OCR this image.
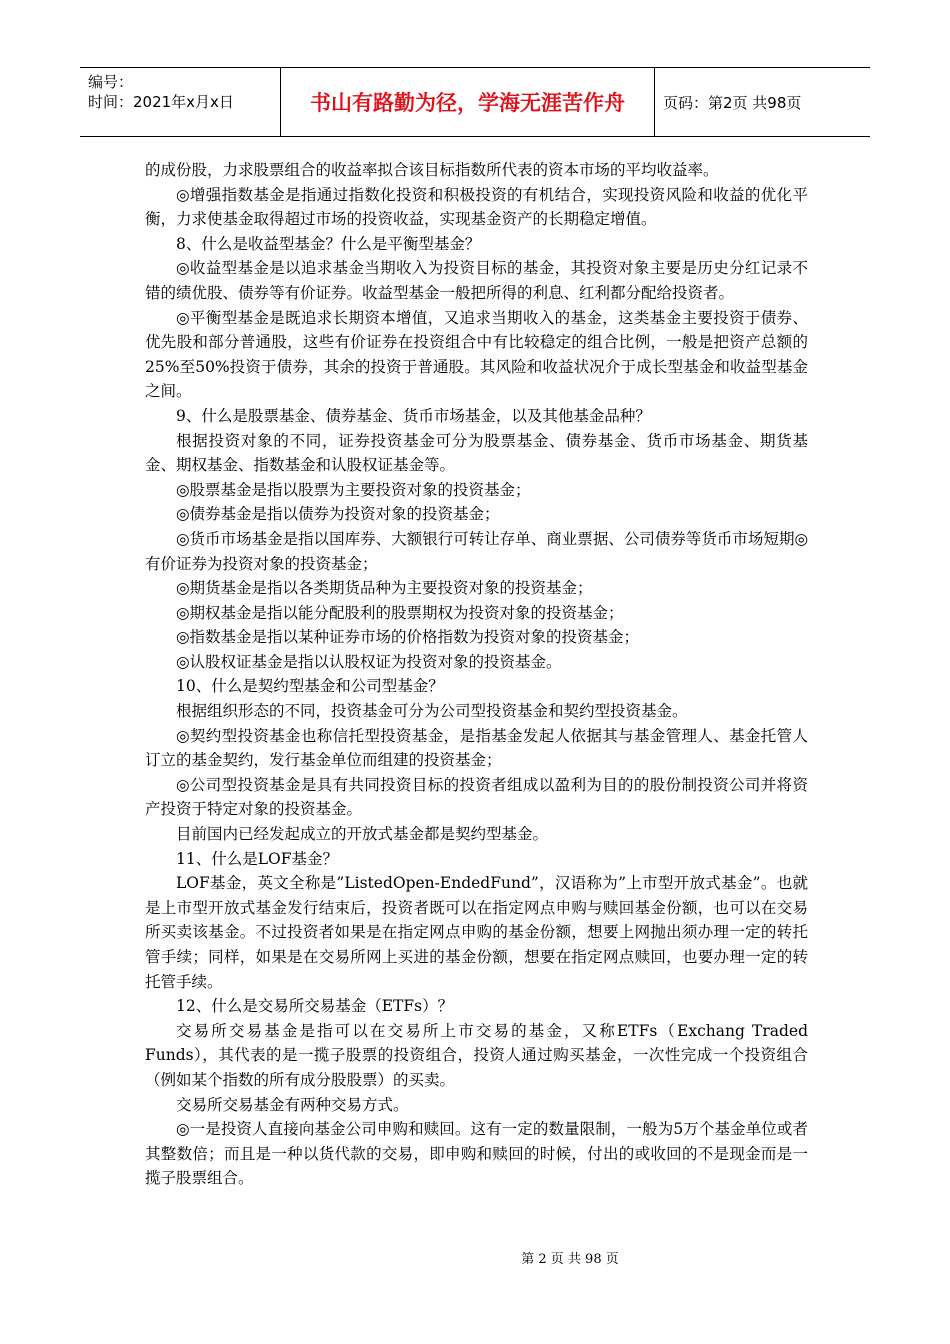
编号：
时间：2021年x月x日	书山有路勤为径，学海无涯苦作舟	页码：第2页 共98页

的成份股，力求股票组合的收益率拟合该目标指数所代表的资本市场的平均收益率。

◎增强指数基金是指通过指数化投资和积极投资的有机结合，实现投资风险和收益的优化平衡，力求使基金取得超过市场的投资收益，实现基金资产的长期稳定增值。

8、什么是收益型基金？什么是平衡型基金？

◎收益型基金是以追求基金当期收入为投资目标的基金，其投资对象主要是历史分红记录不错的绩优股、债券等有价证券。收益型基金一般把所得的利息、红利都分配给投资者。

◎平衡型基金是既追求长期资本增值，又追求当期收入的基金，这类基金主要投资于债券、优先股和部分普通股，这些有价证券在投资组合中有比较稳定的组合比例，一般是把资产总额的25%至50%投资于债券，其余的投资于普通股。其风险和收益状况介于成长型基金和收益型基金之间。

9、什么是股票基金、债券基金、货币市场基金，以及其他基金品种？

根据投资对象的不同，证券投资基金可分为股票基金、债券基金、货币市场基金、期货基金、期权基金、指数基金和认股权证基金等。

◎股票基金是指以股票为主要投资对象的投资基金；

◎债券基金是指以债券为投资对象的投资基金；

◎货币市场基金是指以国库券、大额银行可转让存单、商业票据、公司债券等货币市场短期◎有价证券为投资对象的投资基金；

◎期货基金是指以各类期货品种为主要投资对象的投资基金；

◎期权基金是指以能分配股利的股票期权为投资对象的投资基金；

◎指数基金是指以某种证券市场的价格指数为投资对象的投资基金；

◎认股权证基金是指以认股权证为投资对象的投资基金。

10、什么是契约型基金和公司型基金？

根据组织形态的不同，投资基金可分为公司型投资基金和契约型投资基金。

◎契约型投资基金也称信托型投资基金，是指基金发起人依据其与基金管理人、基金托管人订立的基金契约，发行基金单位而组建的投资基金；

◎公司型投资基金是具有共同投资目标的投资者组成以盈利为目的的股份制投资公司并将资产投资于特定对象的投资基金。

目前国内已经发起成立的开放式基金都是契约型基金。

11、什么是LOF基金？

LOF基金，英文全称是”ListedOpen-EndedFund”，汉语称为”上市型开放式基金”。也就是上市型开放式基金发行结束后，投资者既可以在指定网点申购与赎回基金份额，也可以在交易所买卖该基金。不过投资者如果是在指定网点申购的基金份额，想要上网抛出须办理一定的转托管手续；同样，如果是在交易所网上买进的基金份额，想要在指定网点赎回，也要办理一定的转托管手续。

12、什么是交易所交易基金（ETFs）？

交易所交易基金是指可以在交易所上市交易的基金，又称ETFs（Exchang Traded Funds），其代表的是一揽子股票的投资组合，投资人通过购买基金，一次性完成一个投资组合（例如某个指数的所有成分股股票）的买卖。

交易所交易基金有两种交易方式。

◎一是投资人直接向基金公司申购和赎回。这有一定的数量限制，一般为5万个基金单位或者其整数倍；而且是一种以货代款的交易，即申购和赎回的时候，付出的或收回的不是现金而是一揽子股票组合。

第 2 页 共 98 页
